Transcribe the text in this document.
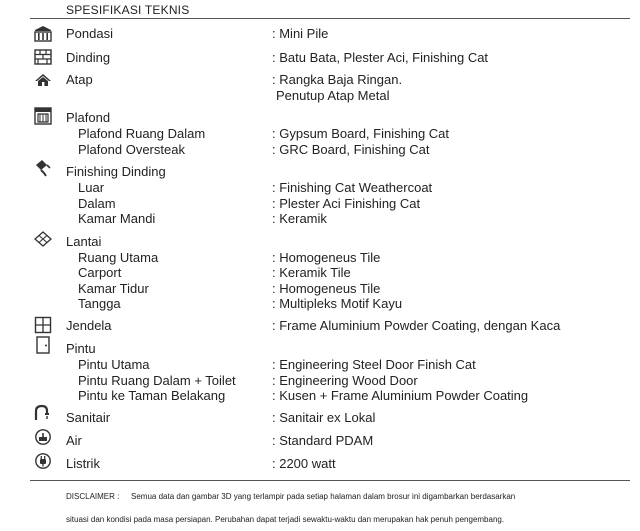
SPESIFIKASI TEKNIS
Pondasi	: Mini Pile
Dinding	: Batu Bata, Plester Aci, Finishing Cat
Atap	: Rangka Baja Ringan.
Penutup Atap Metal
Plafond
Plafond Ruang Dalam	: Gypsum Board, Finishing Cat
Plafond Oversteak	: GRC Board, Finishing Cat
Finishing Dinding
Luar	: Finishing Cat Weathercoat
Dalam	: Plester Aci Finishing Cat
Kamar Mandi	: Keramik
Lantai
Ruang Utama	: Homogeneus Tile
Carport	: Keramik Tile
Kamar Tidur	: Homogeneus Tile
Tangga	: Multipleks Motif Kayu
Jendela	: Frame Aluminium Powder Coating, dengan Kaca
Pintu
Pintu Utama	: Engineering Steel Door Finish Cat
Pintu Ruang Dalam + Toilet	: Engineering Wood Door
Pintu ke Taman Belakang	: Kusen + Frame Aluminium Powder Coating
Sanitair	: Sanitair ex Lokal
Air	: Standard PDAM
Listrik	: 2200 watt
DISCLAIMER : Semua data dan gambar 3D yang terlampir pada setiap halaman dalam brosur ini digambarkan berdasarkan
situasi dan kondisi pada masa persiapan. Perubahan dapat terjadi sewaktu-waktu dan merupakan hak penuh pengembang.
